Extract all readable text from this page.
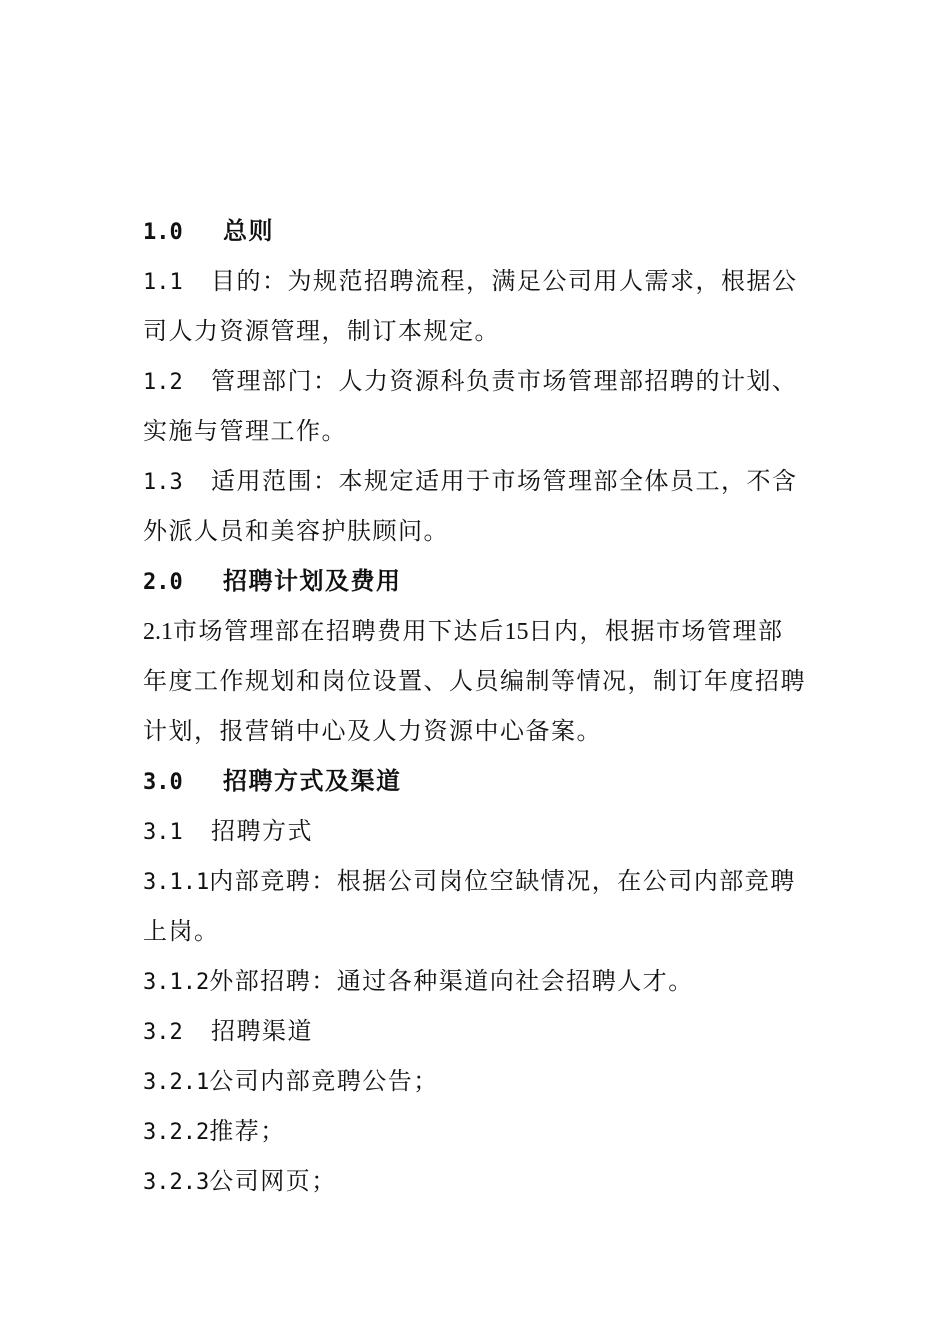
1.0 总则
1.1 目的：为规范招聘流程，满足公司用人需求，根据公
司人力资源管理，制订本规定。
1.2 管理部门：人力资源科负责市场管理部招聘的计划、
实施与管理工作。
1.3 适用范围：本规定适用于市场管理部全体员工，不含
外派人员和美容护肤顾问。
2.0 招聘计划及费用
2.1市场管理部在招聘费用下达后15日内，根据市场管理部
年度工作规划和岗位设置、人员编制等情况，制订年度招聘
计划，报营销中心及人力资源中心备案。
3.0 招聘方式及渠道
3.1 招聘方式
3.1.1内部竞聘：根据公司岗位空缺情况，在公司内部竞聘
上岗。
3.1.2外部招聘：通过各种渠道向社会招聘人才。
3.2 招聘渠道
3.2.1公司内部竞聘公告；
3.2.2推荐；
3.2.3公司网页；
